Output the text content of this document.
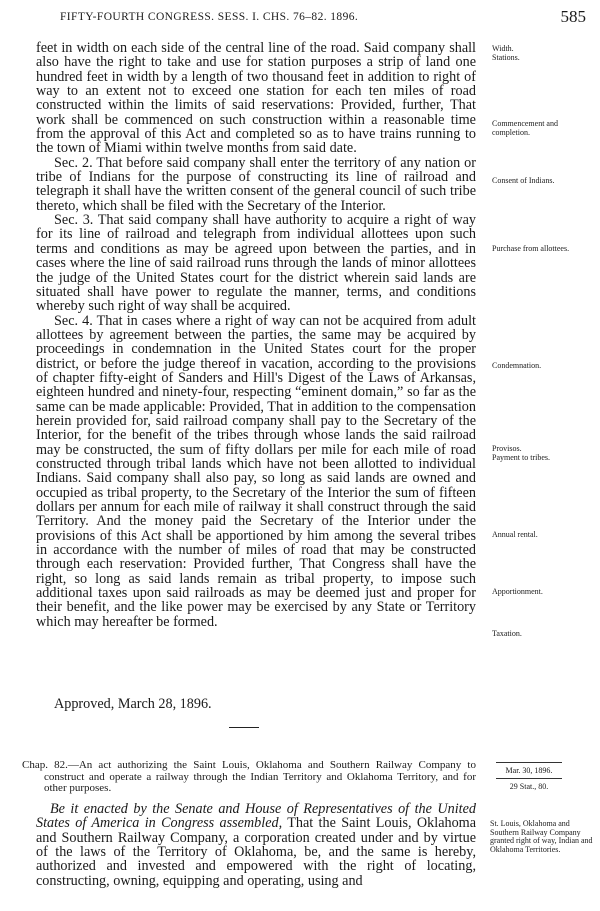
FIFTY-FOURTH CONGRESS. SESS. I. CHS. 76–82. 1896.	585

feet in width on each side of the central line of the road. Said company shall also have the right to take and use for station purposes a strip of land one hundred feet in width by a length of two thousand feet in addition to right of way to an extent not to exceed one station for each ten miles of road constructed within the limits of said reservations: Provided, further, That work shall be commenced on such construction within a reasonable time from the approval of this Act and completed so as to have trains running to the town of Miami within twelve months from said date.

Sec. 2. That before said company shall enter the territory of any nation or tribe of Indians for the purpose of constructing its line of railroad and telegraph it shall have the written consent of the general council of such tribe thereto, which shall be filed with the Secretary of the Interior.

Sec. 3. That said company shall have authority to acquire a right of way for its line of railroad and telegraph from individual allottees upon such terms and conditions as may be agreed upon between the parties, and in cases where the line of said railroad runs through the lands of minor allottees the judge of the United States court for the district wherein said lands are situated shall have power to regulate the manner, terms, and conditions whereby such right of way shall be acquired.

Sec. 4. That in cases where a right of way can not be acquired from adult allottees by agreement between the parties, the same may be acquired by proceedings in condemnation in the United States court for the proper district, or before the judge thereof in vacation, according to the provisions of chapter fifty-eight of Sanders and Hill's Digest of the Laws of Arkansas, eighteen hundred and ninety-four, respecting “eminent domain,” so far as the same can be made applicable: Provided, That in addition to the compensation herein provided for, said railroad company shall pay to the Secretary of the Interior, for the benefit of the tribes through whose lands the said railroad may be constructed, the sum of fifty dollars per mile for each mile of road constructed through tribal lands which have not been allotted to individual Indians. Said company shall also pay, so long as said lands are owned and occupied as tribal property, to the Secretary of the Interior the sum of fifteen dollars per annum for each mile of railway it shall construct through the said Territory. And the money paid the Secretary of the Interior under the provisions of this Act shall be apportioned by him among the several tribes in accordance with the number of miles of road that may be constructed through each reservation: Provided further, That Congress shall have the right, so long as said lands remain as tribal property, to impose such additional taxes upon said railroads as may be deemed just and proper for their benefit, and the like power may be exercised by any State or Territory which may hereafter be formed.

Width.
Stations.
Commencement and completion.
Consent of Indians.
Purchase from allottees.
Condemnation.
Provisos.
Payment to tribes.
Annual rental.
Apportionment.
Taxation.
Approved, March 28, 1896.
Chap. 82.—An act authorizing the Saint Louis, Oklahoma and Southern Railway Company to construct and operate a railway through the Indian Territory and Oklahoma Territory, and for other purposes.
Mar. 30, 1896.
29 Stat., 80.
Be it enacted by the Senate and House of Representatives of the United States of America in Congress assembled, That the Saint Louis, Oklahoma and Southern Railway Company, a corporation created under and by virtue of the laws of the Territory of Oklahoma, be, and the same is hereby, authorized and invested and empowered with the right of locating, constructing, owning, equipping and operating, using and
St. Louis, Oklahoma and Southern Railway Company granted right of way, Indian and Oklahoma Territories.
